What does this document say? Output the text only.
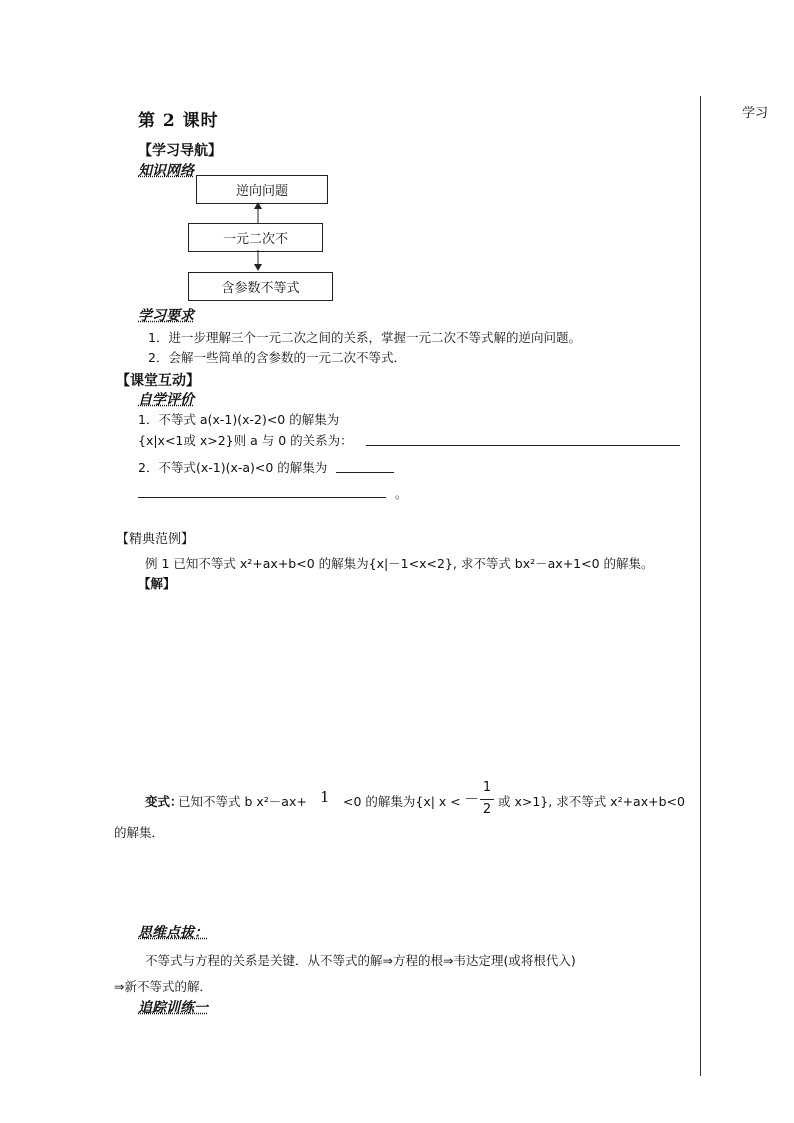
学习
第 2 课时
【学习导航】
知识网络
逆向问题
一元二次不
含参数不等式
学习要求
1．进一步理解三个一元二次之间的关系，掌握一元二次不等式解的逆向问题。
2．会解一些简单的含参数的一元二次不等式．
【课堂互动】
自学评价
1．不等式 a(x-1)(x-2)<0 的解集为
{x|x<1或 x>2}则 a 与 0 的关系为：
2．不等式(x-1)(x-a)<0 的解集为
。
【精典范例】
例 1 已知不等式 x²+ax+b<0 的解集为{x|－1<x<2}, 求不等式 bx²－ax+1<0 的解集。
【解】
变式：
已知不等式 b x²－ax+ 1 <0 的解集为{x| x < －
1
2
或 x>1}, 求不等式 x²+ax+b<0
的解集．
思维点拔：
不等式与方程的关系是关键．从不等式的解⇒方程的根⇒韦达定理(或将根代入)
⇒新不等式的解．
追踪训练一
